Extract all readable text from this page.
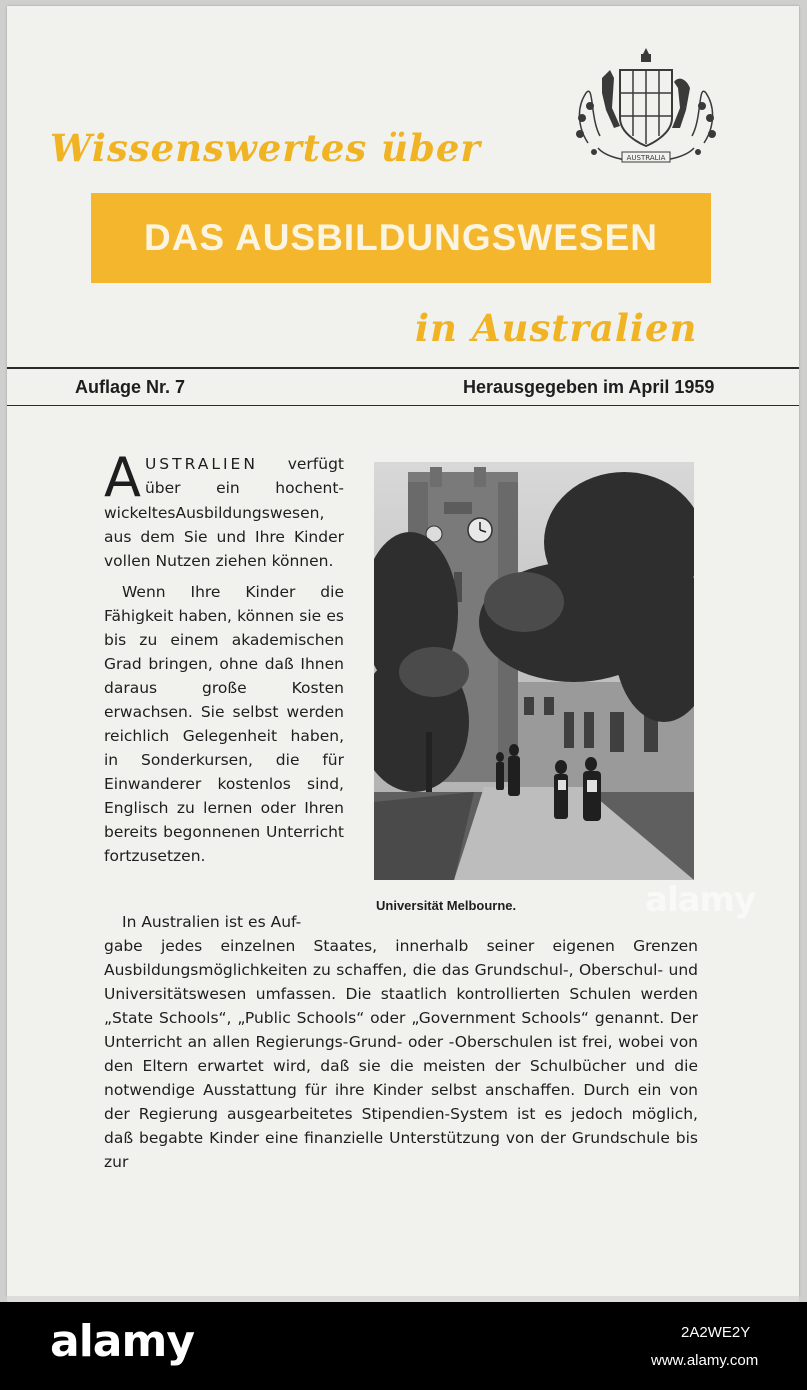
Wissenswertes über	AUSTRALIA
DAS AUSBILDUNGSWESEN
in Australien
Auflage Nr. 7	Herausgegeben im April 1959

AUSTRALIEN verfügt über ein hochentwickeltesAusbildungswesen, aus dem Sie und Ihre Kinder vollen Nutzen ziehen können.

Wenn Ihre Kinder die Fähigkeit haben, können sie es bis zu einem akademischen Grad bringen, ohne daß Ihnen daraus große Kosten erwachsen. Sie selbst werden reichlich Gelegenheit haben, in Sonderkursen, die für Einwanderer kostenlos sind, Englisch zu lernen oder Ihren bereits begonnenen Unterricht fortzusetzen.

Universität Melbourne.
In Australien ist es Auf-
gabe jedes einzelnen Staates, innerhalb seiner eigenen Grenzen Ausbildungsmöglichkeiten zu schaffen, die das Grundschul-, Oberschul- und Universitätswesen umfassen. Die staatlich kontrollierten Schulen werden „State Schools“, „Public Schools“ oder „Government Schools“ genannt. Der Unterricht an allen Regierungs-Grund- oder -Oberschulen ist frei, wobei von den Eltern erwartet wird, daß sie die meisten der Schulbücher und die notwendige Ausstattung für ihre Kinder selbst anschaffen. Durch ein von der Regierung ausgearbeitetes Stipendien-System ist es jedoch möglich, daß begabte Kinder eine finanzielle Unterstützung von der Grundschule bis zur
alamy
alamy	2A2WE2Y
www.alamy.com
